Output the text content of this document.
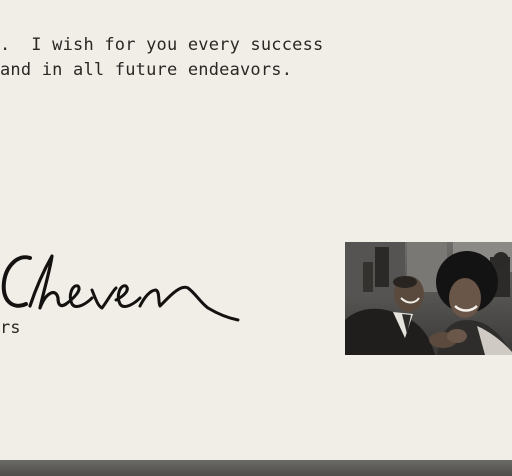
.  I wish for you every success

and in all future endeavors.

rs
